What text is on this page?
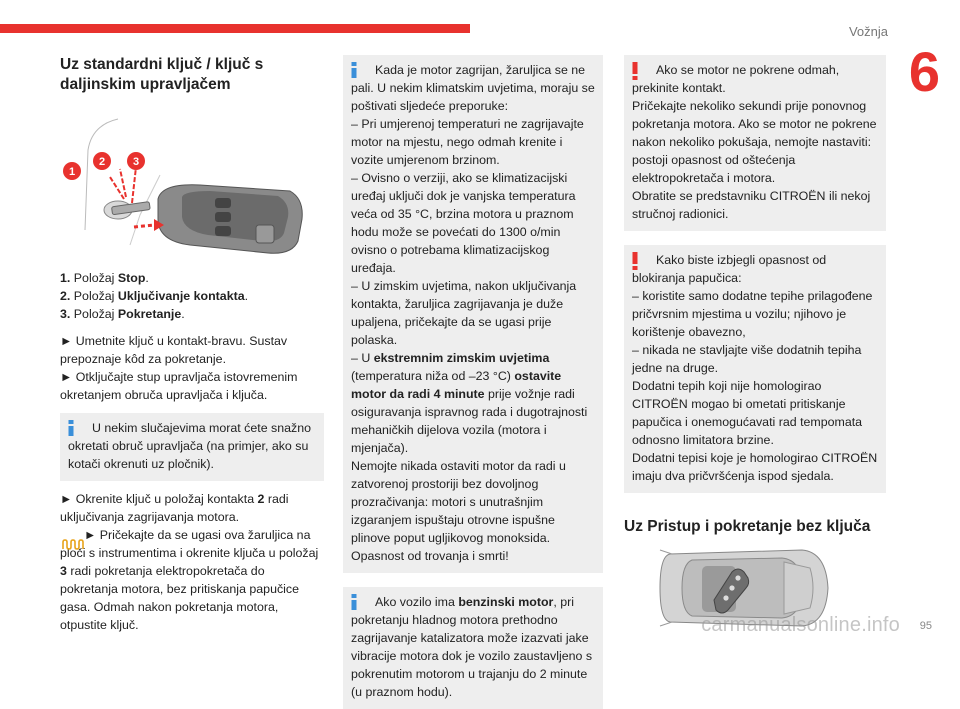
Vožnja
6
95
Uz standardni ključ / ključ s daljinskim upravljačem
1
2	3

1. Položaj Stop.

2. Položaj Uključivanje kontakta.

3. Položaj Pokretanje.

► Umetnite ključ u kontakt-bravu. Sustav prepoznaje kôd za pokretanje.

► Otključajte stup upravljača istovremenim okretanjem obruča upravljača i ključa.

U nekim slučajevima morat ćete snažno okretati obruč upravljača (na primjer, ako su kotači okrenuti uz pločnik).

► Okrenite ključ u položaj kontakta 2 radi uključivanja zagrijavanja motora.

► Pričekajte da se ugasi ova žaruljica na ploči s instrumentima i okrenite ključa u položaj 3 radi pokretanja elektropokretača do pokretanja motora, bez pritiskanja papučice gasa. Odmah nakon pokretanja motora, otpustite ključ.

Kada je motor zagrijan, žaruljica se ne pali. U nekim klimatskim uvjetima, moraju se poštivati sljedeće preporuke:

– Pri umjerenoj temperaturi ne zagrijavajte motor na mjestu, nego odmah krenite i vozite umjerenom brzinom.

– Ovisno o verziji, ako se klimatizacijski uređaj uključi dok je vanjska temperatura veća od 35 °C, brzina motora u praznom hodu može se povećati do 1300 o/min ovisno o potrebama klimatizacijskog uređaja.

– U zimskim uvjetima, nakon uključivanja kontakta, žaruljica zagrijavanja je duže upaljena, pričekajte da se ugasi prije polaska.

– U ekstremnim zimskim uvjetima (temperatura niža od –23 °C) ostavite motor da radi 4 minute prije vožnje radi osiguravanja ispravnog rada i dugotrajnosti mehaničkih dijelova vozila (motora i mjenjača).

Nemojte nikada ostaviti motor da radi u zatvorenoj prostoriji bez dovoljnog prozračivanja: motori s unutrašnjim izgaranjem ispuštaju otrovne ispušne plinove poput ugljikovog monoksida. Opasnost od trovanja i smrti!

Ako vozilo ima benzinski motor, pri pokretanju hladnog motora prethodno zagrijavanje katalizatora može izazvati jake vibracije motora dok je vozilo zaustavljeno s pokrenutim motorom u trajanju do 2 minute (u praznom hodu).

Ako se motor ne pokrene odmah, prekinite kontakt.
Pričekajte nekoliko sekundi prije ponovnog pokretanja motora. Ako se motor ne pokrene nakon nekoliko pokušaja, nemojte nastaviti: postoji opasnost od oštećenja elektropokretača i motora.
Obratite se predstavniku CITROËN ili nekoj stručnoj radionici.

Kako biste izbjegli opasnost od blokiranja papučica:
– koristite samo dodatne tepihe prilagođene pričvrsnim mjestima u vozilu; njihovo je korištenje obavezno,
– nikada ne stavljajte više dodatnih tepiha jedne na druge.
Dodatni tepih koji nije homologirao CITROËN mogao bi ometati pritiskanje papučica i onemogućavati rad tempomata odnosno limitatora brzine.
Dodatni tepisi koje je homologirao CITROËN imaju dva pričvršćenja ispod sjedala.

Uz Pristup i pokretanje bez ključa
carmanualsonline.info
